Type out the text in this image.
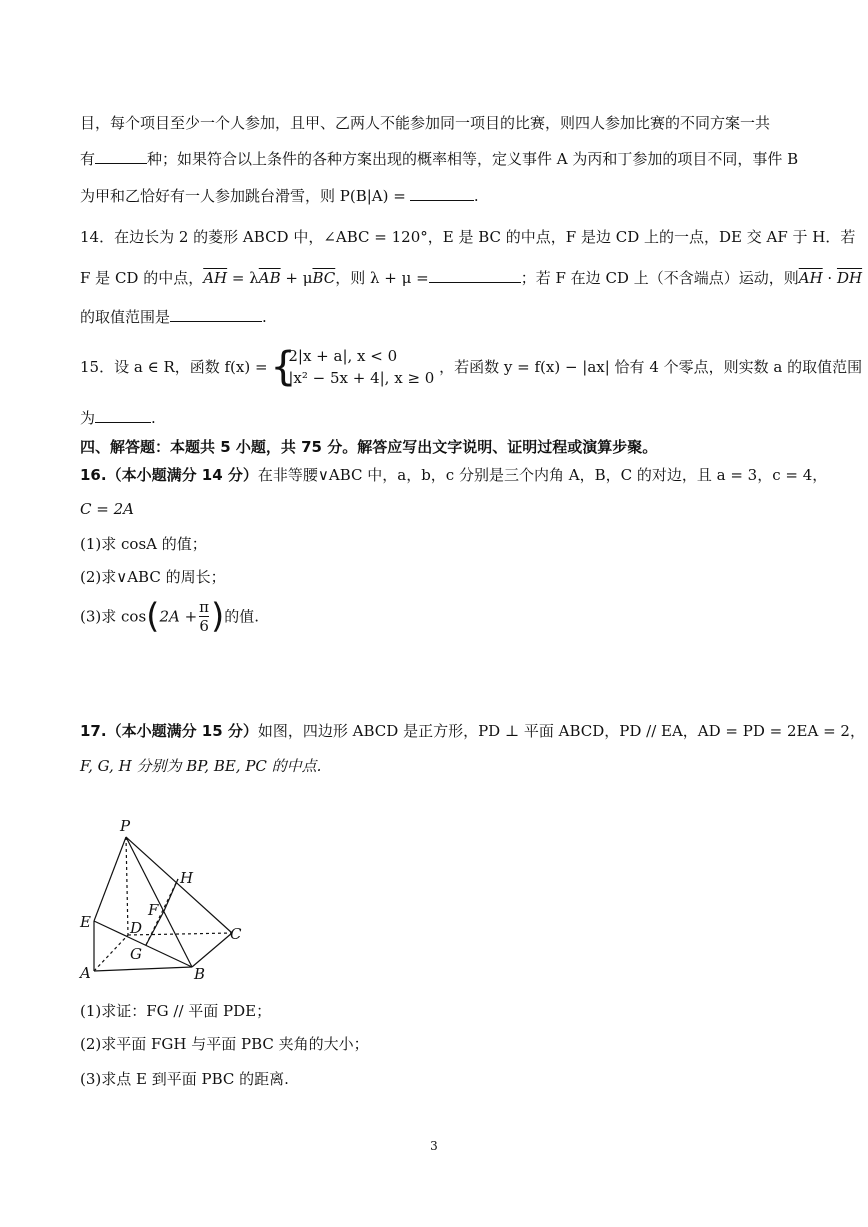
目，每个项目至少一个人参加，且甲、乙两人不能参加同一项目的比赛，则四人参加比赛的不同方案一共
有	种；如果符合以上条件的各种方案出现的概率相等，定义事件 A 为丙和丁参加的项目不同，事件 B
为甲和乙恰好有一人参加跳台滑雪，则 P(B|A) =	.
14．在边长为 2 的菱形 ABCD 中，∠ABC = 120°，E 是 BC 的中点，F 是边 CD 上的一点，DE 交 AF 于 H．若
F 是 CD 的中点，$\overline{AH} = \lambda\overline{AB} + \mu\overline{BC}$，则 λ + μ =	；若 F 在边 CD 上（不含端点）运动，则$\overline{AH} \cdot \overline{DH}$
的取值范围是	.
15．设 a ∈ R，函数 f(x) = {
2|x + a|, x < 0
|x² − 5x + 4|, x ≥ 0
，若函数 y = f(x) − |ax| 恰有 4 个零点，则实数 a 的取值范围
为	.
四、解答题：本题共 5 小题，共 75 分。解答应写出文字说明、证明过程或演算步聚。
16.（本小题满分 14 分）在非等腰∨ABC 中，a，b，c 分别是三个内角 A，B，C 的对边，且 a = 3，c = 4，
C = 2A
(1)求 cosA 的值；
(2)求∨ABC 的周长；
(3)求 $\cos(2A + \frac{\pi}{6}$ )的值.
17.（本小题满分 15 分）如图，四边形 ABCD 是正方形，PD ⊥ 平面 ABCD，PD // EA，AD = PD = 2EA = 2，
F, G, H 分别为 BP, BE, PC 的中点.
P
H
F
E	D	C
G
A	B
(1)求证：FG // 平面 PDE；
(2)求平面 FGH 与平面 PBC 夹角的大小；
(3)求点 E 到平面 PBC 的距离.
3
